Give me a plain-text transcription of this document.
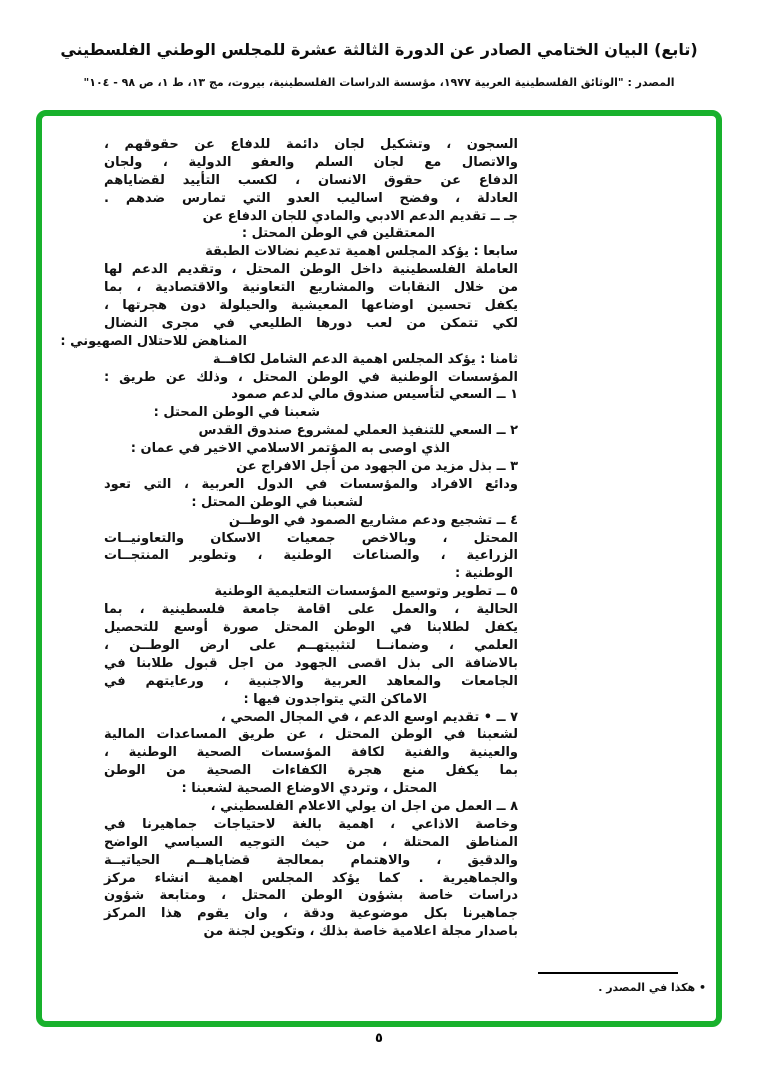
(تابع) البيان الختامي الصادر عن الدورة الثالثة عشرة للمجلس الوطني الفلسطيني
المصدر : "الوثائق الفلسطينية العربية ١٩٧٧، مؤسسة الدراسات الفلسطينية، بيروت، مج ١٣، ط ١، ص ٩٨ - ١٠٤"
السجون ، وتشكيل لجان دائمة للدفاع عن حقوقهم ،
والاتصال مع لجان السلم والعفو الدولية ، ولجان
الدفاع عن حقوق الانسان ، لكسب التأييد لقضاياهم
العادلة ، وفضح اساليب العدو التي تمارس ضدهم .
جـ ــ تقديم الدعم الادبي والمادي للجان الدفاع عن
المعتقلين في الوطن المحتل :
سابعا : يؤكد المجلس اهمية تدعيم نضالات الطبقة
العاملة الفلسطينية داخل الوطن المحتل ، وتقديم الدعم لها
من خلال النقابات والمشاريع التعاونية والاقتصادية ، بما
يكفل تحسين اوضاعها المعيشية والحيلولة دون هجرتها ،
لكي تتمكن من لعب دورها الطليعي في مجرى النضال
المناهض للاحتلال الصهيوني :
ثامنا : يؤكد المجلس اهمية الدعم الشامل لكافــة
المؤسسات الوطنية في الوطن المحتل ، وذلك عن طريق :
١ ــ السعي لتأسيس صندوق مالي لدعم صمود
شعبنا في الوطن المحتل :
٢ ــ السعي للتنفيذ العملي لمشروع صندوق القدس
الذي اوصى به المؤتمر الاسلامي الاخير في عمان :
٣ ــ بذل مزيد من الجهود من أجل الافراج عن
ودائع الافراد والمؤسسات في الدول العربية ، التي تعود
لشعبنا في الوطن المحتل :
٤ ــ تشجيع ودعم مشاريع الصمود في الوطــن
المحتل ، وبالاخص جمعيات الاسكان والتعاونيــات
الزراعية ، والصناعات الوطنية ، وتطوير المنتجــات
الوطنية :
٥ ــ تطوير وتوسيع المؤسسات التعليمية الوطنية
الحالية ، والعمل على اقامة جامعة فلسطينية ، بما
يكفل لطلابنا في الوطن المحتل صورة أوسع للتحصيل
العلمي ، وضمانــا لتثبيتهــم على ارض الوطــن ،
بالاضافة الى بذل اقصى الجهود من اجل قبول طلابنا في
الجامعات والمعاهد العربية والاجنبية ، ورعايتهم في
الاماكن التي يتواجدون فيها :
٧ ــ • تقديم اوسع الدعم ، في المجال الصحي ،
لشعبنا في الوطن المحتل ، عن طريق المساعدات المالية
والعينية والفنية لكافة المؤسسات الصحية الوطنية ،
بما يكفل منع هجرة الكفاءات الصحية من الوطن
المحتل ، وتردي الاوضاع الصحية لشعبنا :
٨ ــ العمل من اجل ان يولي الاعلام الفلسطيني ،
وخاصة الاذاعي ، اهمية بالغة لاحتياجات جماهيرنا في
المناطق المحتلة ، من حيث التوجيه السياسي الواضح
والدقيق ، والاهتمام بمعالجة قضاياهــم الحياتيــة
والجماهيرية . كما يؤكد المجلس اهمية انشاء مركز
دراسات خاصة بشؤون الوطن المحتل ، ومتابعة شؤون
جماهيرنا بكل موضوعية ودقة ، وان يقوم هذا المركز
باصدار مجلة اعلامية خاصة بذلك ، وتكوين لجنة من
• هكذا في المصدر .
٥
